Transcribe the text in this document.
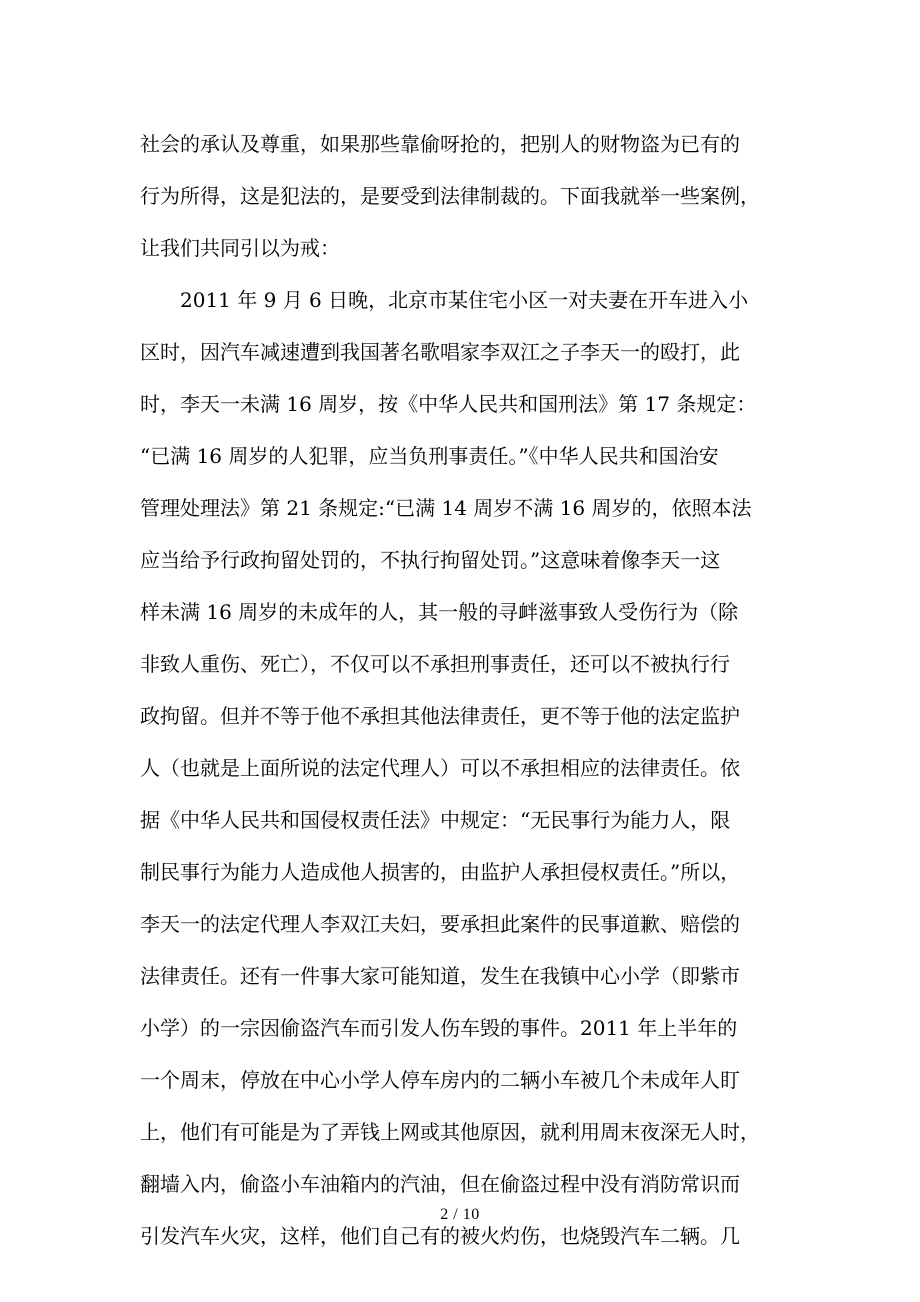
社会的承认及尊重，如果那些靠偷呀抢的，把别人的财物盗为已有的
行为所得，这是犯法的，是要受到法律制裁的。下面我就举一些案例，
让我们共同引以为戒：
　　2011 年 9 月 6 日晚，北京市某住宅小区一对夫妻在开车进入小
区时，因汽车减速遭到我国著名歌唱家李双江之子李天一的殴打，此
时，李天一未满 16 周岁，按《中华人民共和国刑法》第 17 条规定：
“已满 16 周岁的人犯罪，应当负刑事责任。”《中华人民共和国治安
管理处理法》第 21 条规定:“已满 14 周岁不满 16 周岁的，依照本法
应当给予行政拘留处罚的，不执行拘留处罚。”这意味着像李天一这
样未满 16 周岁的未成年的人，其一般的寻衅滋事致人受伤行为（除
非致人重伤、死亡），不仅可以不承担刑事责任，还可以不被执行行
政拘留。但并不等于他不承担其他法律责任，更不等于他的法定监护
人（也就是上面所说的法定代理人）可以不承担相应的法律责任。依
据《中华人民共和国侵权责任法》中规定：“无民事行为能力人，限
制民事行为能力人造成他人损害的，由监护人承担侵权责任。”所以，
李天一的法定代理人李双江夫妇，要承担此案件的民事道歉、赔偿的
法律责任。还有一件事大家可能知道，发生在我镇中心小学（即紫市
小学）的一宗因偷盗汽车而引发人伤车毁的事件。2011 年上半年的
一个周末，停放在中心小学人停车房内的二辆小车被几个未成年人盯
上，他们有可能是为了弄钱上网或其他原因，就利用周末夜深无人时，
翻墙入内，偷盗小车油箱内的汽油，但在偷盗过程中没有消防常识而
引发汽车火灾，这样，他们自己有的被火灼伤，也烧毁汽车二辆。几
2 / 10
